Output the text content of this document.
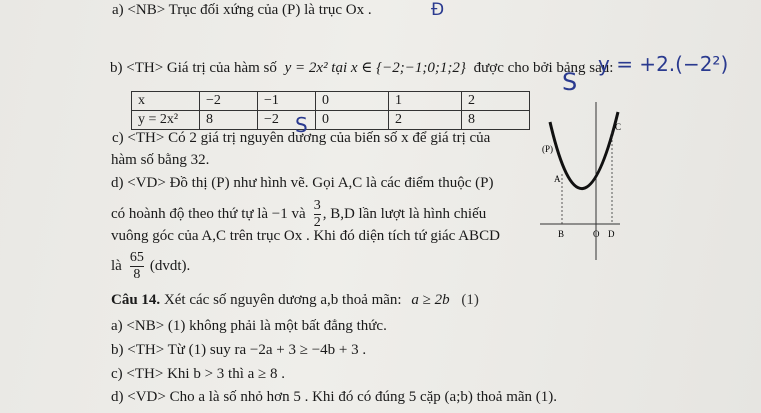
a) <NB> Trục đối xứng của (P) là trục Ox .	Đ
b) <TH> Giá trị của hàm số y = 2x² tại x ∈ {−2;−1;0;1;2} được cho bởi bảng sau:
y = +2.(−2²)
x	−2	−1	0	1	2
y = 2x²	8	−2	0	2	8
S
S
c) <TH> Có 2 giá trị nguyên dương của biến số x để giá trị của
hàm số bằng 32.
d) <VD> Đồ thị (P) như hình vẽ. Gọi A,C là các điểm thuộc (P)
có hoành độ theo thứ tự là −1 và $\frac{3}{2}$ , B,D lần lượt là hình chiếu
vuông góc của A,C trên trục Ox . Khi đó diện tích tứ giác ABCD
là $\frac{65}{8}$ (dvdt).
(P)
A
C
B	O D
Câu 14. Xét các số nguyên dương a,b thoả mãn: a ≥ 2b (1)
a) <NB> (1) không phải là một bất đẳng thức.
b) <TH> Từ (1) suy ra −2a + 3 ≥ −4b + 3 .
c) <TH> Khi b > 3 thì a ≥ 8 .
d) <VD> Cho a là số nhỏ hơn 5 . Khi đó có đúng 5 cặp (a;b) thoả mãn (1).
